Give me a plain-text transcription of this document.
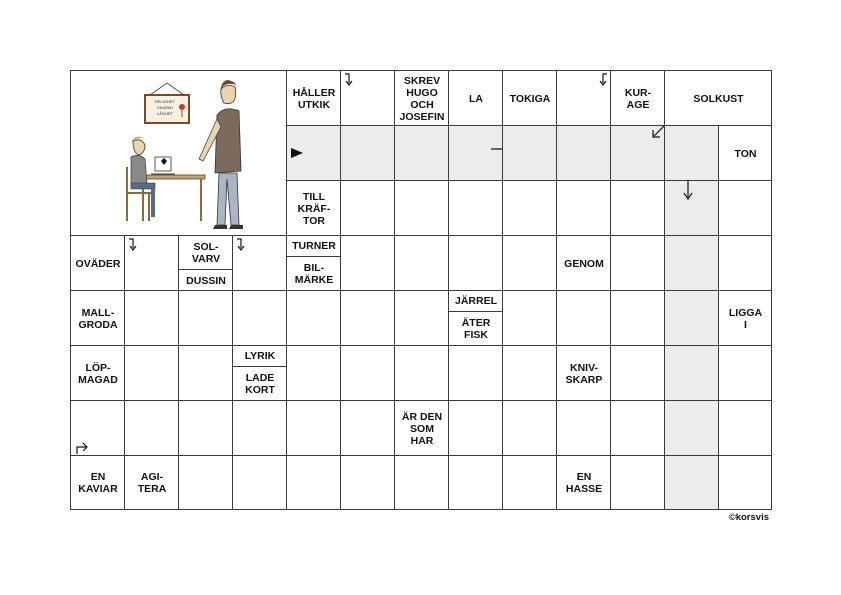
RELIGHET
SKAPAR
LÅGHET
HÅLLER
UTKIK
SKREV
HUGO
OCH
JOSEFIN
LA	TOKIGA	KUR-
AGE	SOLKUST
TON
TILL
KRÄF-
TOR
OVÄDER
SOL-
VARV
DUSSIN
TURNER
BIL-
MÄRKE
GENOM
MALL-
GRODA
JÄRREL
ÄTER
FISK
LIGGA
I
LÖP-
MAGAD
LYRIK
LADE
KORT
KNIV-
SKARP
ÄR DEN
SOM
HAR
EN
KAVIAR
AGI-
TERA
EN
HASSE
©korsvis
